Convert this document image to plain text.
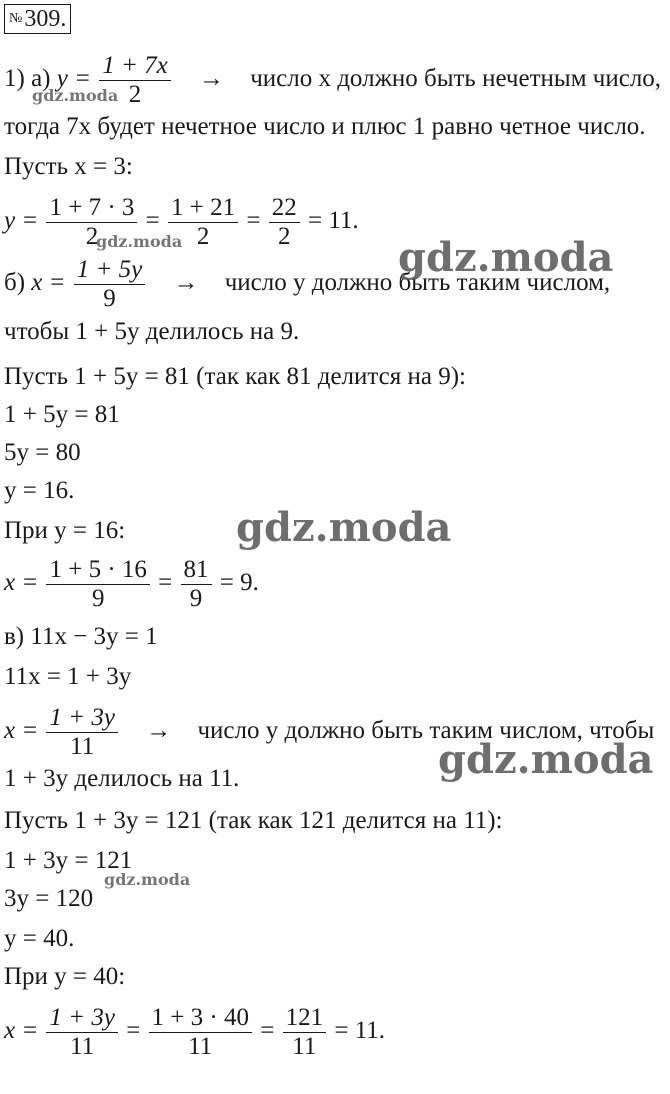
№309.
1) а) $y = \frac{1 + 7x}{2}$ → число x должно быть нечетным число,
тогда 7x будет нечетное число и плюс 1 равно четное число.
Пусть x = 3:
$y = \frac{1 + 7 \cdot 3}{2} = \frac{1 + 21}{2} = \frac{22}{2} = 11$.
б) $x = \frac{1 + 5y}{9}$ → число y должно быть таким числом,
чтобы 1 + 5y делилось на 9.
Пусть 1 + 5y = 81 (так как 81 делится на 9):
1 + 5y = 81
5y = 80
y = 16.
При y = 16:
$x = \frac{1 + 5 \cdot 16}{9} = \frac{81}{9} = 9$.
в) 11x − 3y = 1
11x = 1 + 3y
$x = \frac{1 + 3y}{11}$ → число y должно быть таким числом, чтобы
1 + 3y делилось на 11.
Пусть 1 + 3y = 121 (так как 121 делится на 11):
1 + 3y = 121
3y = 120
y = 40.
При y = 40:
$x = \frac{1 + 3y}{11} = \frac{1 + 3 \cdot 40}{11} = \frac{121}{11} = 11$.
gdz.moda
gdz.moda	gdz.moda
gdz.moda
gdz.moda
gdz.moda
